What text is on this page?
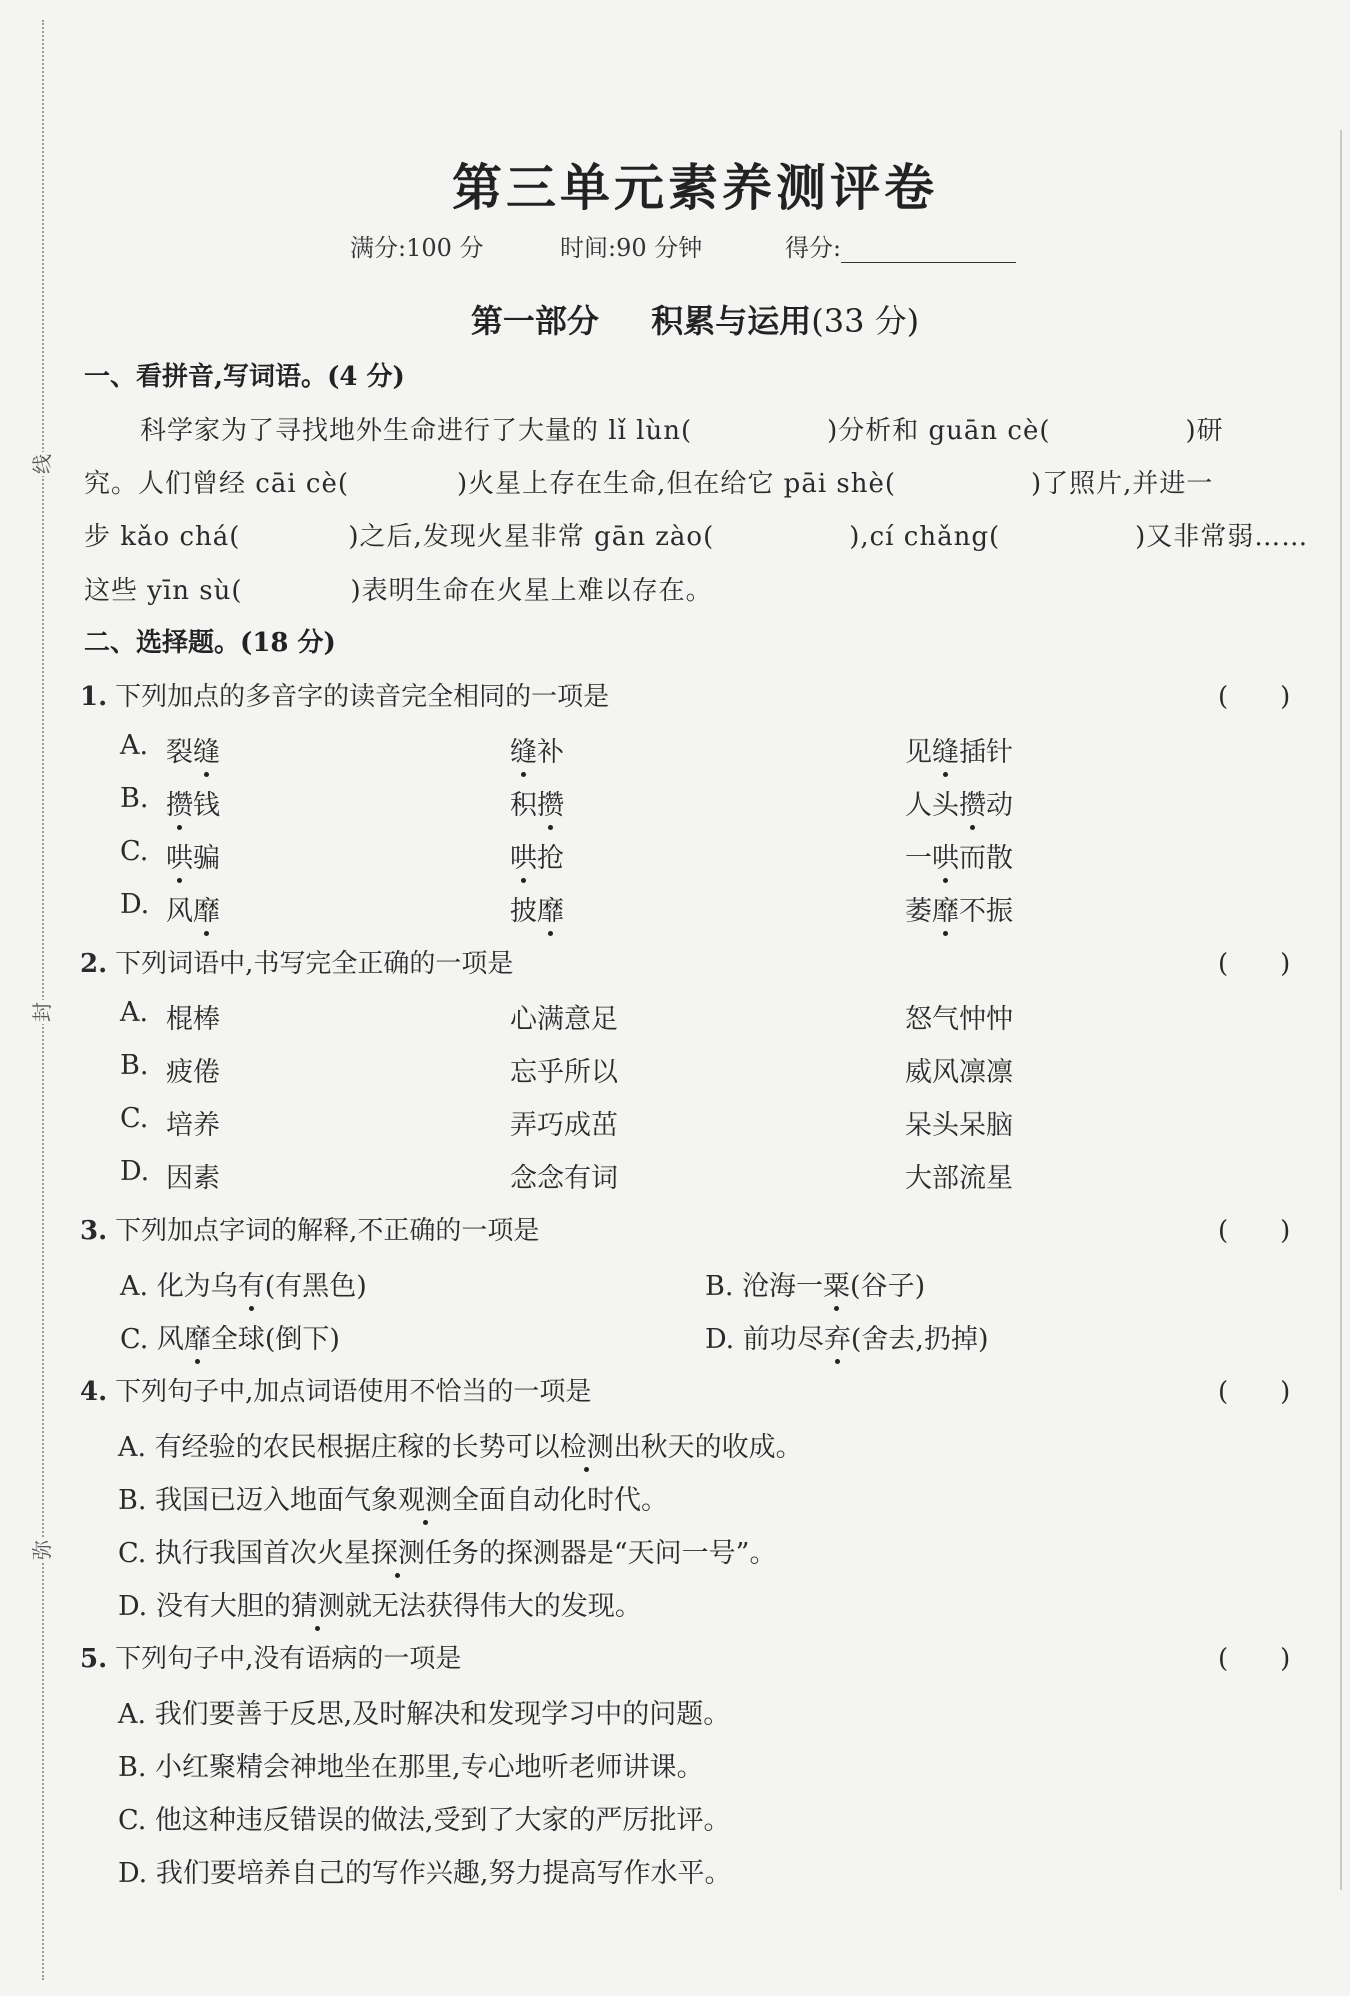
线
封
弥
第三单元素养测评卷
满分:100 分	时间:90 分钟	得分:
第一部分 积累与运用(33 分)
一、看拼音,写词语。(4 分)
科学家为了寻找地外生命进行了大量的 lǐ lùn(　　　　　)分析和 guān cè(　　　　　)研
究。人们曾经 cāi cè(　　　　)火星上存在生命,但在给它 pāi shè(　　　　　)了照片,并进一
步 kǎo chá(　　　　)之后,发现火星非常 gān zào(　　　　　),cí chǎng(　　　　　)又非常弱……
这些 yīn sù(　　　　)表明生命在火星上难以存在。
二、选择题。(18 分)
1. 下列加点的多音字的读音完全相同的一项是	(　　)
A. 裂缝	缝补	见缝插针
B. 攒钱	积攒	人头攒动
C. 哄骗	哄抢	一哄而散
D. 风靡	披靡	萎靡不振
2. 下列词语中,书写完全正确的一项是	(　　)
A. 棍棒	心满意足	怒气忡忡
B. 疲倦	忘乎所以	威风凛凛
C. 培养	弄巧成茁	呆头呆脑
D. 因素	念念有词	大部流星
3. 下列加点字词的解释,不正确的一项是	(　　)
A. 化为乌有(有黑色)	B. 沧海一粟(谷子)
C. 风靡全球(倒下)	D. 前功尽弃(舍去,扔掉)
4. 下列句子中,加点词语使用不恰当的一项是	(　　)
A. 有经验的农民根据庄稼的长势可以检测出秋天的收成。
B. 我国已迈入地面气象观测全面自动化时代。
C. 执行我国首次火星探测任务的探测器是“天问一号”。
D. 没有大胆的猜测就无法获得伟大的发现。
5. 下列句子中,没有语病的一项是	(　　)
A. 我们要善于反思,及时解决和发现学习中的问题。
B. 小红聚精会神地坐在那里,专心地听老师讲课。
C. 他这种违反错误的做法,受到了大家的严厉批评。
D. 我们要培养自己的写作兴趣,努力提高写作水平。
